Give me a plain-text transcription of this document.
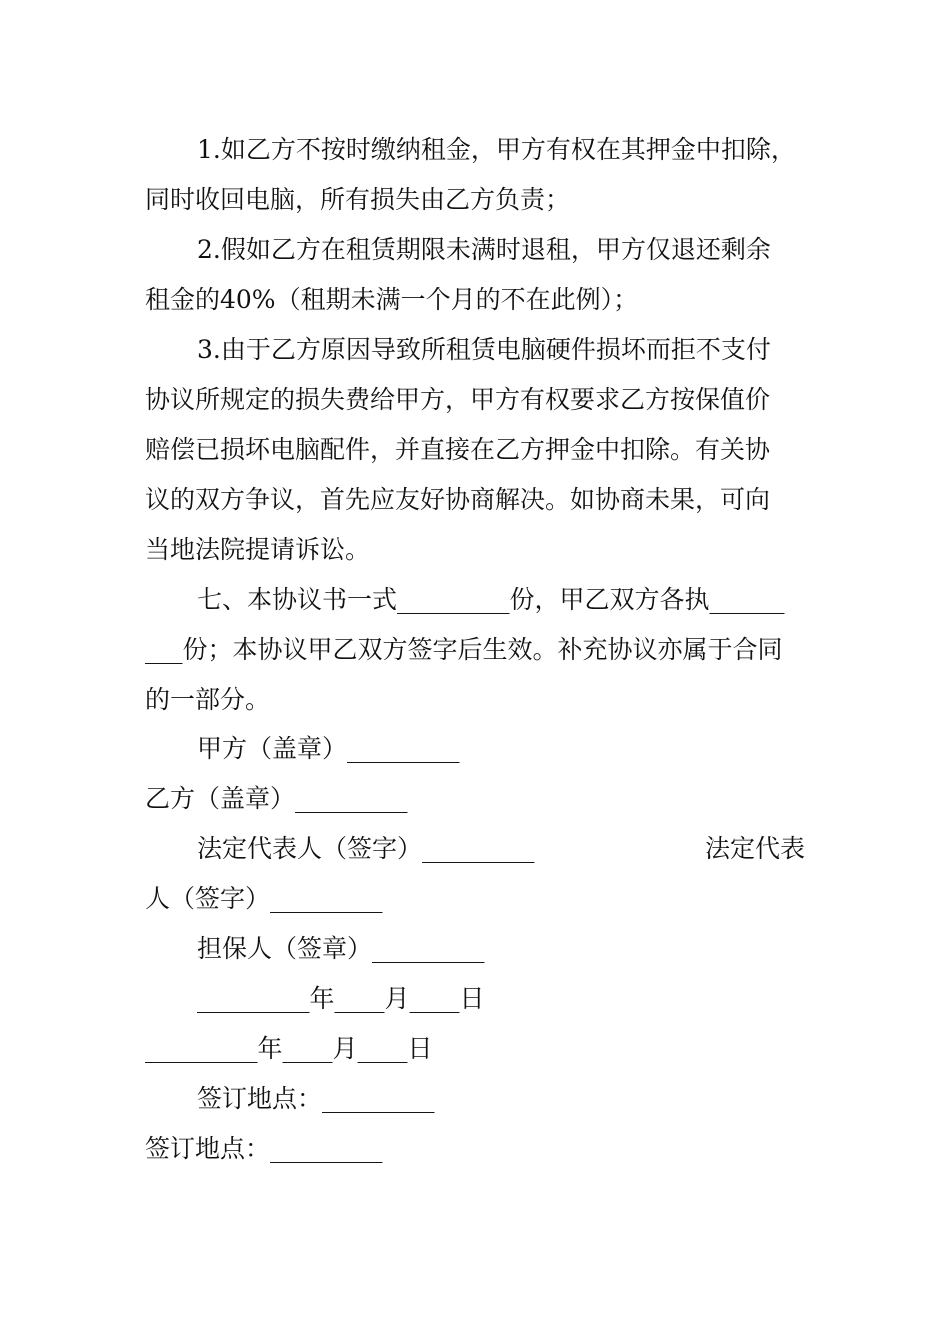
1.如乙方不按时缴纳租金，甲方有权在其押金中扣除，
同时收回电脑，所有损失由乙方负责；
2.假如乙方在租赁期限未满时退租，甲方仅退还剩余
租金的40%（租期未满一个月的不在此例）；
3.由于乙方原因导致所租赁电脑硬件损坏而拒不支付
协议所规定的损失费给甲方，甲方有权要求乙方按保值价
赔偿已损坏电脑配件，并直接在乙方押金中扣除。有关协
议的双方争议，首先应友好协商解决。如协商未果，可向
当地法院提请诉讼。
七、本协议书一式_________份，甲乙双方各执______
___份；本协议甲乙双方签字后生效。补充协议亦属于合同
的一部分。
甲方（盖章）_________
乙方（盖章）_________
法定代表人（签字）_________	法定代表
人（签字）_________
担保人（签章）_________
_________年____月____日
_________年____月____日
签订地点：_________
签订地点：_________
